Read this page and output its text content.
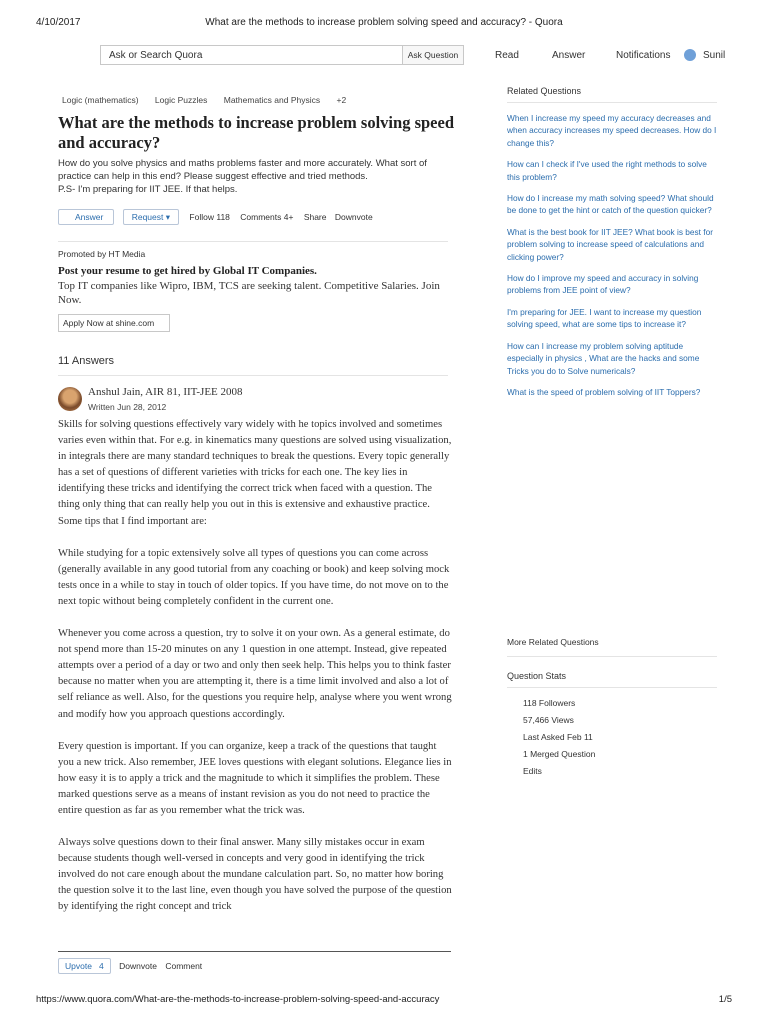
4/10/2017	What are the methods to increase problem solving speed and accuracy? - Quora
Ask or Search Quora	Ask Question	Read	Answer	Notifications	Sunil
Logic (mathematics) Logic Puzzles Mathematics and Physics +2
What are the methods to increase problem solving speed and accuracy?
How do you solve physics and maths problems faster and more accurately. What sort of practice can help in this end? Please suggest effective and tried methods.
P.S- I'm preparing for IIT JEE. If that helps.
Answer	Request ▾ Follow 118 Comments 4+ Share Downvote
Promoted by HT Media
Post your resume to get hired by Global IT Companies.
Top IT companies like Wipro, IBM, TCS are seeking talent. Competitive Salaries. Join Now.
Apply Now at shine.com
11 Answers
Anshul Jain, AIR 81, IIT-JEE 2008
Written Jun 28, 2012

Skills for solving questions effectively vary widely with he topics involved and sometimes varies even within that. For e.g. in kinematics many questions are solved using visualization, in integrals there are many standard techniques to break the questions. Every topic generally has a set of questions of different varieties with tricks for each one. The key lies in identifying these tricks and identifying the correct trick when faced with a question. The thing only thing that can really help you out in this is extensive and exhaustive practice. Some tips that I find important are:

While studying for a topic extensively solve all types of questions you can come across (generally available in any good tutorial from any coaching or book) and keep solving mock tests once in a while to stay in touch of older topics. If you have time, do not move on to the next topic without being completely confident in the current one.

Whenever you come across a question, try to solve it on your own. As a general estimate, do not spend more than 15-20 minutes on any 1 question in one attempt. Instead, give repeated attempts over a period of a day or two and only then seek help. This helps you to think faster because no matter when you are attempting it, there is a time limit involved and also a lot of self reliance as well. Also, for the questions you require help, analyse where you went wrong and modify how you approach questions accordingly.

Every question is important. If you can organize, keep a track of the questions that taught you a new trick. Also remember, JEE loves questions with elegant solutions. Elegance lies in how easy it is to apply a trick and the magnitude to which it simplifies the problem. These marked questions serve as a means of instant revision as you do not need to practice the entire question as far as you remember what the trick was.

Always solve questions down to their final answer. Many silly mistakes occur in exam because students though well-versed in concepts and very good in identifying the trick involved do not care enough about the mundane calculation part. So, no matter how boring the question solve it to the last line, even though you have solved the purpose of the question by identifying the right concept and trick

Upvote 4 Downvote Comment
Related Questions
When I increase my speed my accuracy decreases and when accuracy increases my speed decreases. How do I change this?
How can I check if I've used the right methods to solve this problem?
How do I increase my math solving speed? What should be done to get the hint or catch of the question quicker?
What is the best book for IIT JEE? What book is best for problem solving to increase speed of calculations and clicking power?
How do I improve my speed and accuracy in solving problems from JEE point of view?
I'm preparing for JEE. I want to increase my question solving speed, what are some tips to increase it?
How can I increase my problem solving aptitude especially in physics , What are the hacks and some Tricks you do to Solve numericals?
What is the speed of problem solving of IIT Toppers?
More Related Questions
Question Stats
118 Followers
57,466 Views
Last Asked Feb 11
1 Merged Question
Edits
https://www.quora.com/What-are-the-methods-to-increase-problem-solving-speed-and-accuracy	1/5
